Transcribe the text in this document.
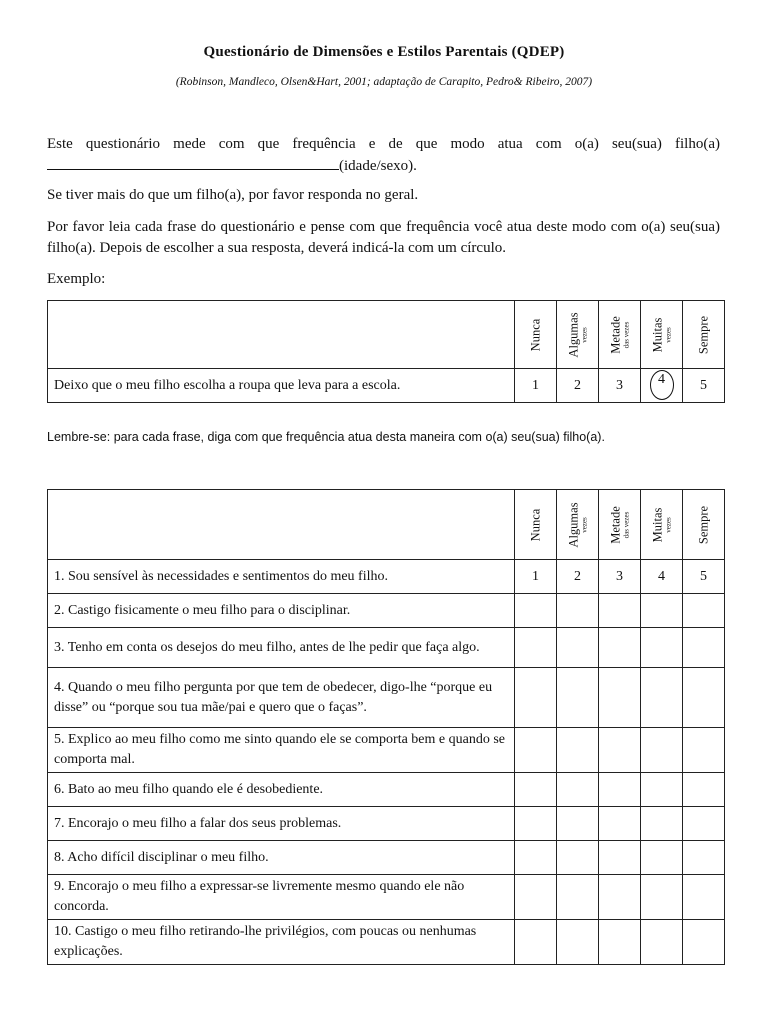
Questionário de Dimensões e Estilos Parentais (QDEP)
(Robinson, Mandleco, Olsen&Hart, 2001; adaptação de Carapito, Pedro& Ribeiro, 2007)

Este questionário mede com que frequência e de que modo atua com o(a) seu(sua) filho(a) (idade/sexo).

Se tiver mais do que um filho(a), por favor responda no geral.

Por favor leia cada frase do questionário e pense com que frequência você atua deste modo com o(a) seu(sua) filho(a). Depois de escolher a sua resposta, deverá indicá-la com um círculo.

Exemplo:

	Nunca	Algumas vezes	Metade das vezes	Muitas vezes	Sempre

Deixo que o meu filho escolha a roupa que leva para a escola.	1	2	3	4	5
Lembre-se: para cada frase, diga com que frequência atua desta maneira com o(a) seu(sua) filho(a).

	Nunca	Algumas vezes	Metade das vezes	Muitas vezes	Sempre

1. Sou sensível às necessidades e sentimentos do meu filho.	1	2	3	4	5
2. Castigo fisicamente o meu filho para o disciplinar.					
3. Tenho em conta os desejos do meu filho, antes de lhe pedir que faça algo.					
4. Quando o meu filho pergunta por que tem de obedecer, digo-lhe “porque eu disse” ou “porque sou tua mãe/pai e quero que o faças”.					
5. Explico ao meu filho como me sinto quando ele se comporta bem e quando se comporta mal.					
6. Bato ao meu filho quando ele é desobediente.					
7. Encorajo o meu filho a falar dos seus problemas.					
8. Acho difícil disciplinar o meu filho.					
9. Encorajo o meu filho a expressar-se livremente mesmo quando ele não concorda.					
10. Castigo o meu filho retirando-lhe privilégios, com poucas ou nenhumas explicações.					
